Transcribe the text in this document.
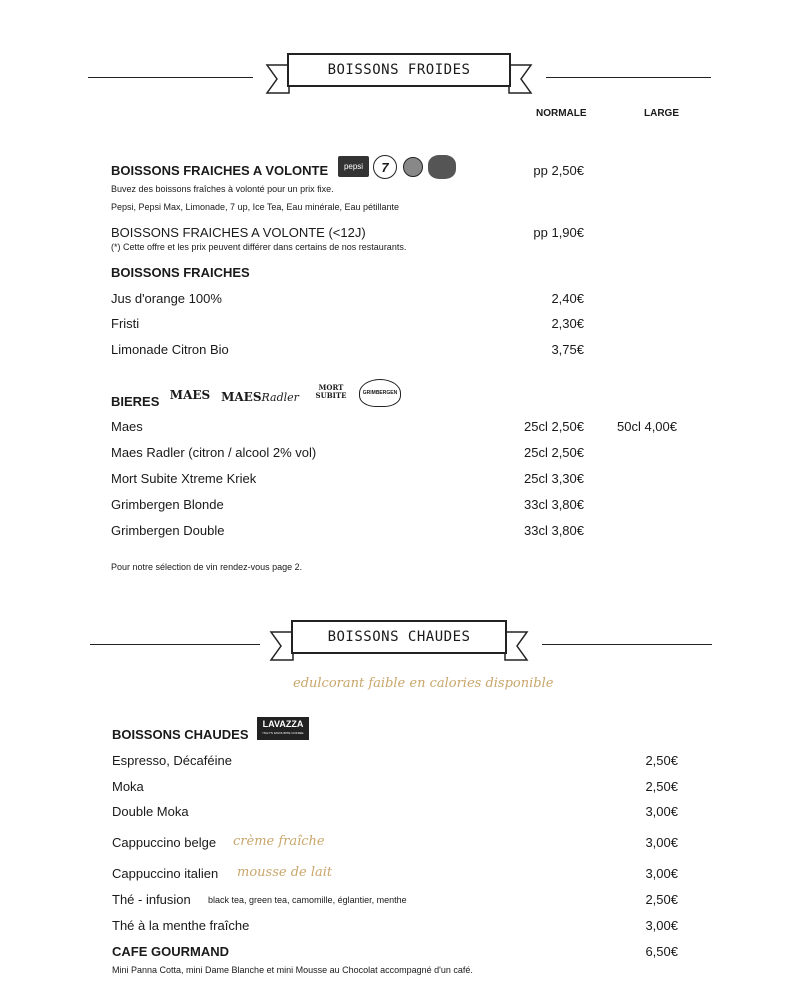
BOISSONS FROIDES
NORMALE	LARGE
BOISSONS FRAICHES A VOLONTE pepsi 7	pp 2,50€
Buvez des boissons fraîches à volonté pour un prix fixe.
Pepsi, Pepsi Max, Limonade, 7 up, Ice Tea, Eau minérale, Eau pétillante
BOISSONS FRAICHES A VOLONTE (<12J)	pp 1,90€
(*) Cette offre et les prix peuvent différer dans certains de nos restaurants.
BOISSONS FRAICHES
Jus d'orange 100%	2,40€
Fristi	2,30€
Limonade Citron Bio	3,75€
BIERES MAES MAES Radler
MORT
SUBITE	GRIMBERGEN
Maes	25cl 2,50€	50cl 4,00€
Maes Radler (citron / alcool 2% vol)	25cl 2,50€
Mort Subite Xtreme Kriek	25cl 3,30€
Grimbergen Blonde	33cl 3,80€
Grimbergen Double	33cl 3,80€
Pour notre sélection de vin rendez-vous page 2.
BOISSONS CHAUDES
edulcorant faible en calories disponible
BOISSONS CHAUDES
LAVAZZA
ITALY'S FAVOURITE COFFEE
Espresso, Décaféine	2,50€
Moka	2,50€
Double Moka	3,00€
Cappuccino belge crème fraîche	3,00€
Cappuccino italien mousse de lait	3,00€
Thé - infusion black tea, green tea, camomille, églantier, menthe	2,50€
Thé à la menthe fraîche	3,00€
CAFE GOURMAND	6,50€
Mini Panna Cotta, mini Dame Blanche et mini Mousse au Chocolat accompagné d'un café.
